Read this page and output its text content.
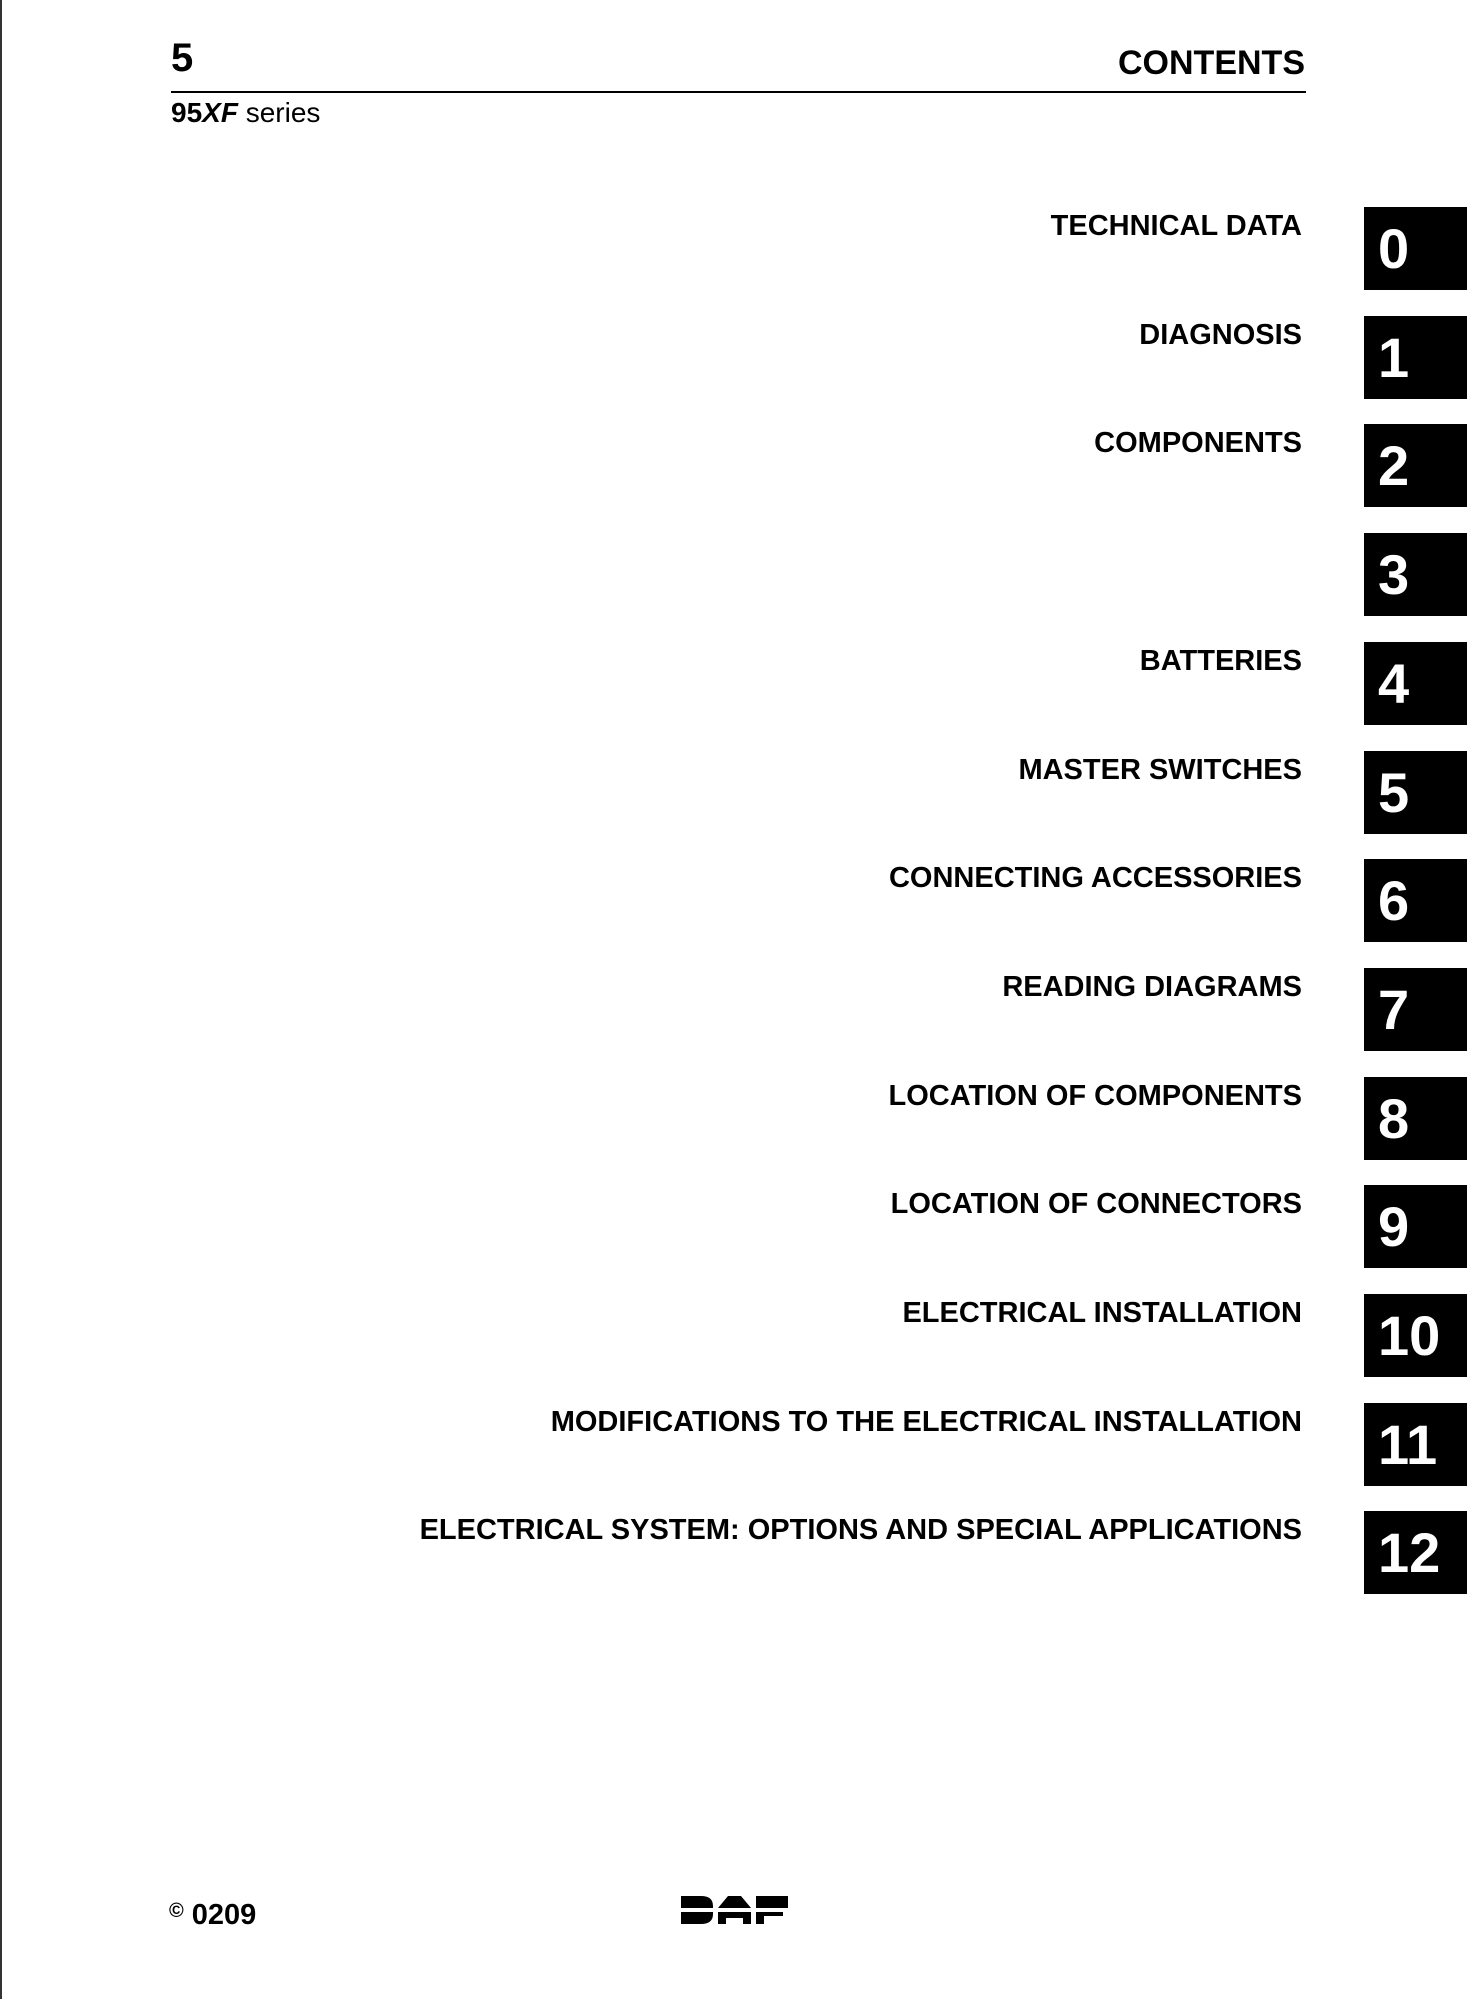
5	CONTENTS
95XF series
TECHNICAL DATA 0
DIAGNOSIS 1
COMPONENTS 2
3
BATTERIES 4
MASTER SWITCHES 5
CONNECTING ACCESSORIES 6
READING DIAGRAMS 7
LOCATION OF COMPONENTS 8
LOCATION OF CONNECTORS 9
ELECTRICAL INSTALLATION 10
MODIFICATIONS TO THE ELECTRICAL INSTALLATION 11
ELECTRICAL SYSTEM: OPTIONS AND SPECIAL APPLICATIONS 12
© 0209
